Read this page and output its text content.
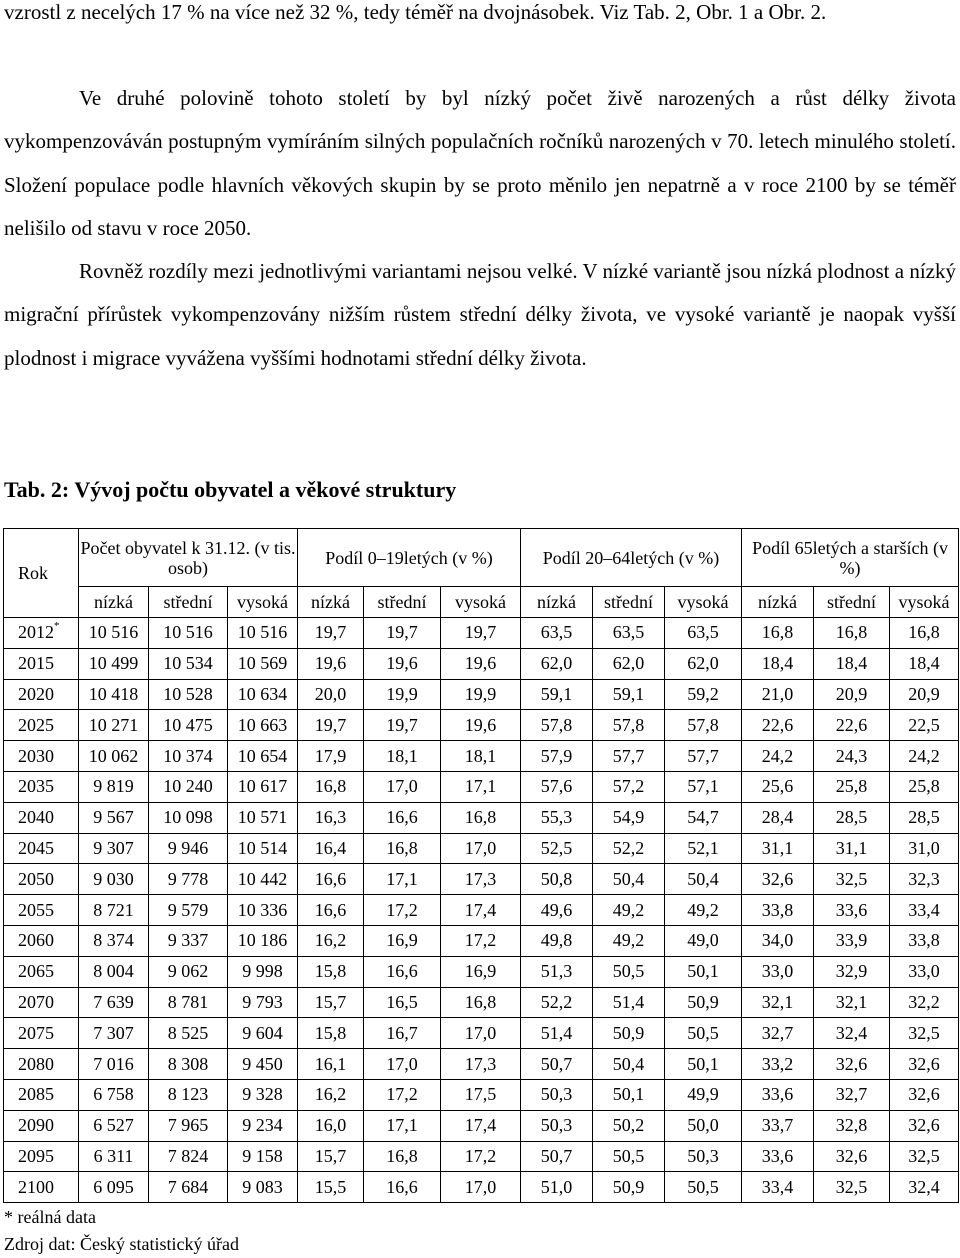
vzrostl z necelých 17 % na více než 32 %, tedy téměř na dvojnásobek. Viz Tab. 2, Obr. 1 a Obr. 2.

Ve druhé polovině tohoto století by byl nízký počet živě narozených a růst délky života vykompenzováván postupným vymíráním silných populačních ročníků narozených v 70. letech minulého století. Složení populace podle hlavních věkových skupin by se proto měnilo jen nepatrně a v roce 2100 by se téměř nelišilo od stavu v roce 2050.

Rovněž rozdíly mezi jednotlivými variantami nejsou velké. V nízké variantě jsou nízká plodnost a nízký migrační přírůstek vykompenzovány nižším růstem střední délky života, ve vysoké variantě je naopak vyšší plodnost i migrace vyvážena vyššími hodnotami střední délky života.

Tab. 2: Vývoj počtu obyvatel a věkové struktury

Rok	Počet obyvatel k 31.12. (v tis. osob)			Podíl 0–19letých (v %)			Podíl 20–64letých (v %)			Podíl 65letých a starších (v %)		
	nízká	střední	vysoká	nízká	střední	vysoká	nízká	střední	vysoká	nízká	střední	vysoká
2012*	10 516	10 516	10 516	19,7	19,7	19,7	63,5	63,5	63,5	16,8	16,8	16,8
2015	10 499	10 534	10 569	19,6	19,6	19,6	62,0	62,0	62,0	18,4	18,4	18,4
2020	10 418	10 528	10 634	20,0	19,9	19,9	59,1	59,1	59,2	21,0	20,9	20,9
2025	10 271	10 475	10 663	19,7	19,7	19,6	57,8	57,8	57,8	22,6	22,6	22,5
2030	10 062	10 374	10 654	17,9	18,1	18,1	57,9	57,7	57,7	24,2	24,3	24,2
2035	9 819	10 240	10 617	16,8	17,0	17,1	57,6	57,2	57,1	25,6	25,8	25,8
2040	9 567	10 098	10 571	16,3	16,6	16,8	55,3	54,9	54,7	28,4	28,5	28,5
2045	9 307	9 946	10 514	16,4	16,8	17,0	52,5	52,2	52,1	31,1	31,1	31,0
2050	9 030	9 778	10 442	16,6	17,1	17,3	50,8	50,4	50,4	32,6	32,5	32,3
2055	8 721	9 579	10 336	16,6	17,2	17,4	49,6	49,2	49,2	33,8	33,6	33,4
2060	8 374	9 337	10 186	16,2	16,9	17,2	49,8	49,2	49,0	34,0	33,9	33,8
2065	8 004	9 062	9 998	15,8	16,6	16,9	51,3	50,5	50,1	33,0	32,9	33,0
2070	7 639	8 781	9 793	15,7	16,5	16,8	52,2	51,4	50,9	32,1	32,1	32,2
2075	7 307	8 525	9 604	15,8	16,7	17,0	51,4	50,9	50,5	32,7	32,4	32,5
2080	7 016	8 308	9 450	16,1	17,0	17,3	50,7	50,4	50,1	33,2	32,6	32,6
2085	6 758	8 123	9 328	16,2	17,2	17,5	50,3	50,1	49,9	33,6	32,7	32,6
2090	6 527	7 965	9 234	16,0	17,1	17,4	50,3	50,2	50,0	33,7	32,8	32,6
2095	6 311	7 824	9 158	15,7	16,8	17,2	50,7	50,5	50,3	33,6	32,6	32,5
2100	6 095	7 684	9 083	15,5	16,6	17,0	51,0	50,9	50,5	33,4	32,5	32,4

* reálná data

Zdroj dat: Český statistický úřad
